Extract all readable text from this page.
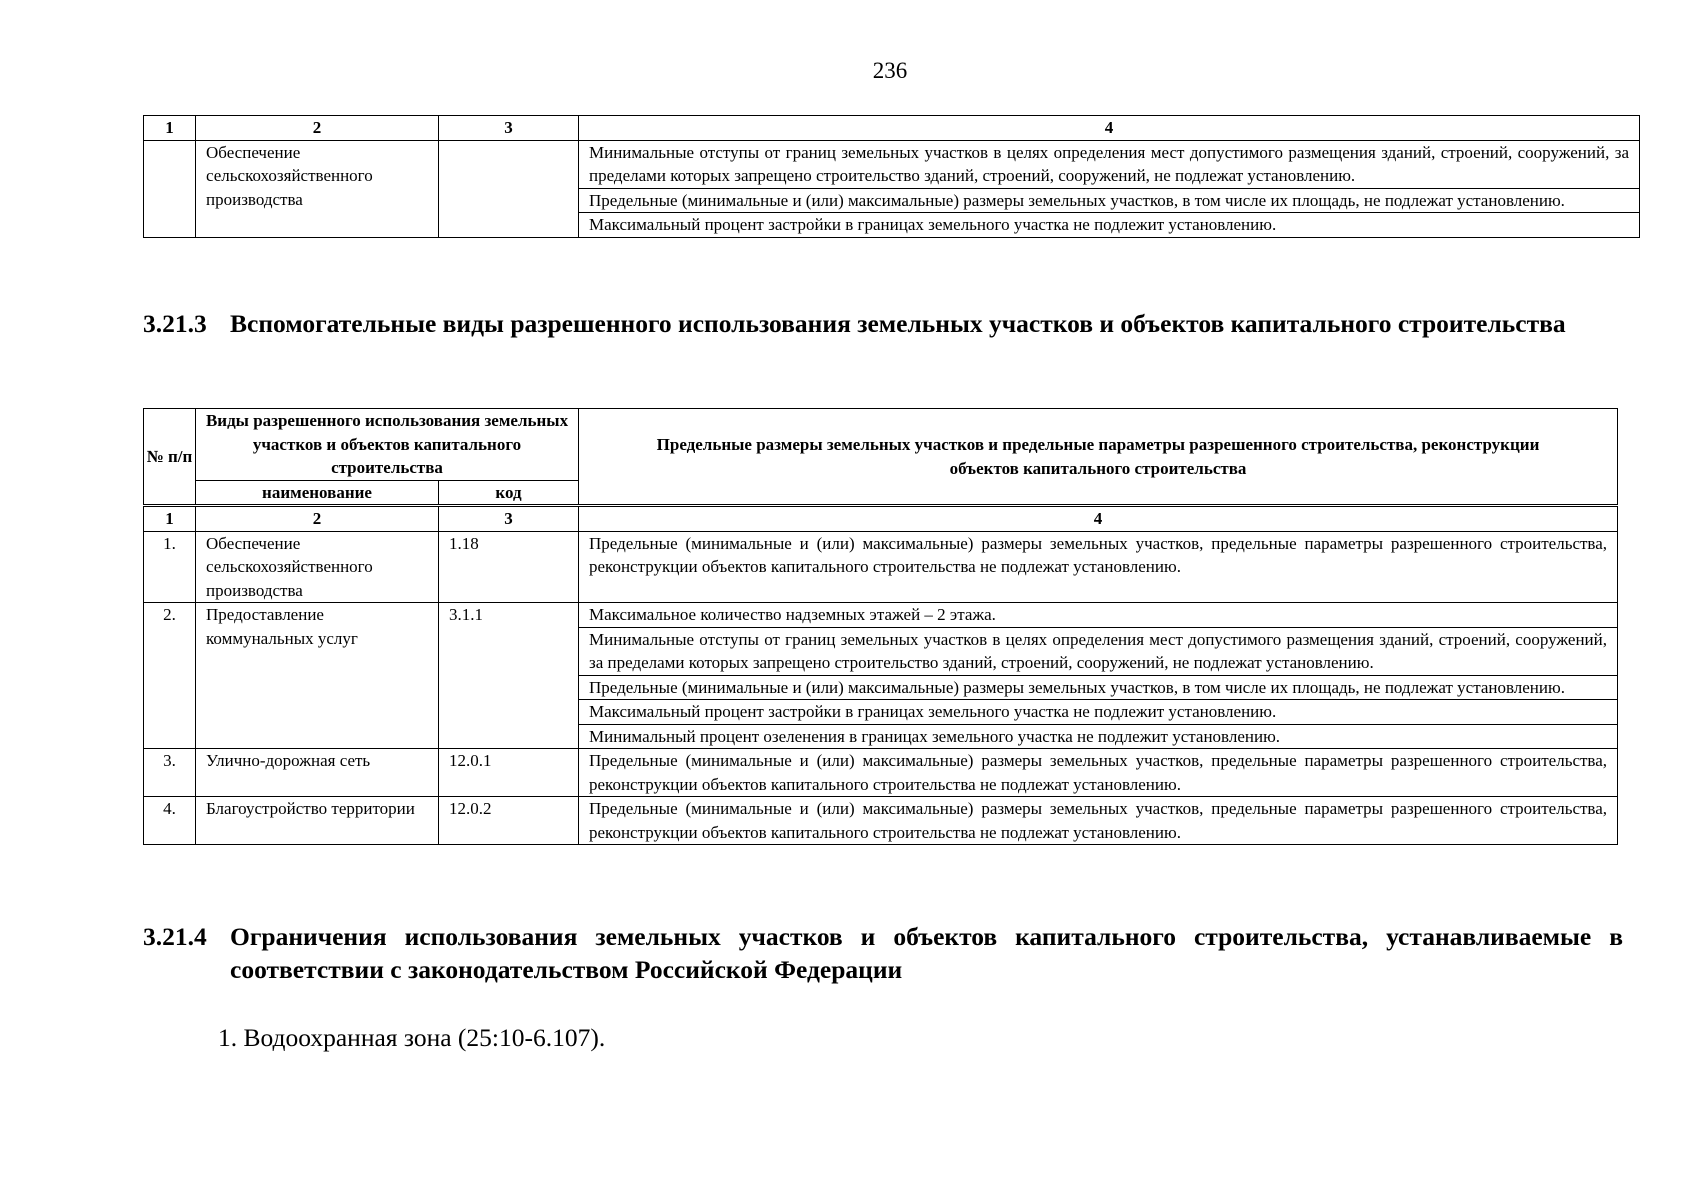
236
1	2	3	4
	Обеспечение сельскохозяйственного производства		Минимальные отступы от границ земельных участков в целях определения мест допустимого размещения зданий, строений, сооружений, за пределами которых запрещено строительство зданий, строений, сооружений, не подлежат установлению.
			Предельные (минимальные и (или) максимальные) размеры земельных участков, в том числе их площадь, не подлежат установлению.
			Максимальный процент застройки в границах земельного участка не подлежит установлению.
3.21.3 Вспомогательные виды разрешенного использования земельных участков и объектов капитального строительства
№ п/п	Виды разрешенного использования земельных участков и объектов капитального строительства		Предельные размеры земельных участков и предельные параметры разрешенного строительства, реконструкции объектов капитального строительства
	наименование	код	
1	2	3	4
1.	Обеспечение сельскохозяйственного производства	1.18	Предельные (минимальные и (или) максимальные) размеры земельных участков, предельные параметры разрешенного строительства, реконструкции объектов капитального строительства не подлежат установлению.
2.	Предоставление коммунальных услуг	3.1.1	Максимальное количество надземных этажей – 2 этажа.
			Минимальные отступы от границ земельных участков в целях определения мест допустимого размещения зданий, строений, сооружений, за пределами которых запрещено строительство зданий, строений, сооружений, не подлежат установлению.
			Предельные (минимальные и (или) максимальные) размеры земельных участков, в том числе их площадь, не подлежат установлению.
			Максимальный процент застройки в границах земельного участка не подлежит установлению.
			Минимальный процент озеленения в границах земельного участка не подлежит установлению.
3.	Улично-дорожная сеть	12.0.1	Предельные (минимальные и (или) максимальные) размеры земельных участков, предельные параметры разрешенного строительства, реконструкции объектов капитального строительства не подлежат установлению.
4.	Благоустройство территории	12.0.2	Предельные (минимальные и (или) максимальные) размеры земельных участков, предельные параметры разрешенного строительства, реконструкции объектов капитального строительства не подлежат установлению.
3.21.4 Ограничения использования земельных участков и объектов капитального строительства, устанавливаемые в соответствии с законодательством Российской Федерации
1. Водоохранная зона (25:10-6.107).
